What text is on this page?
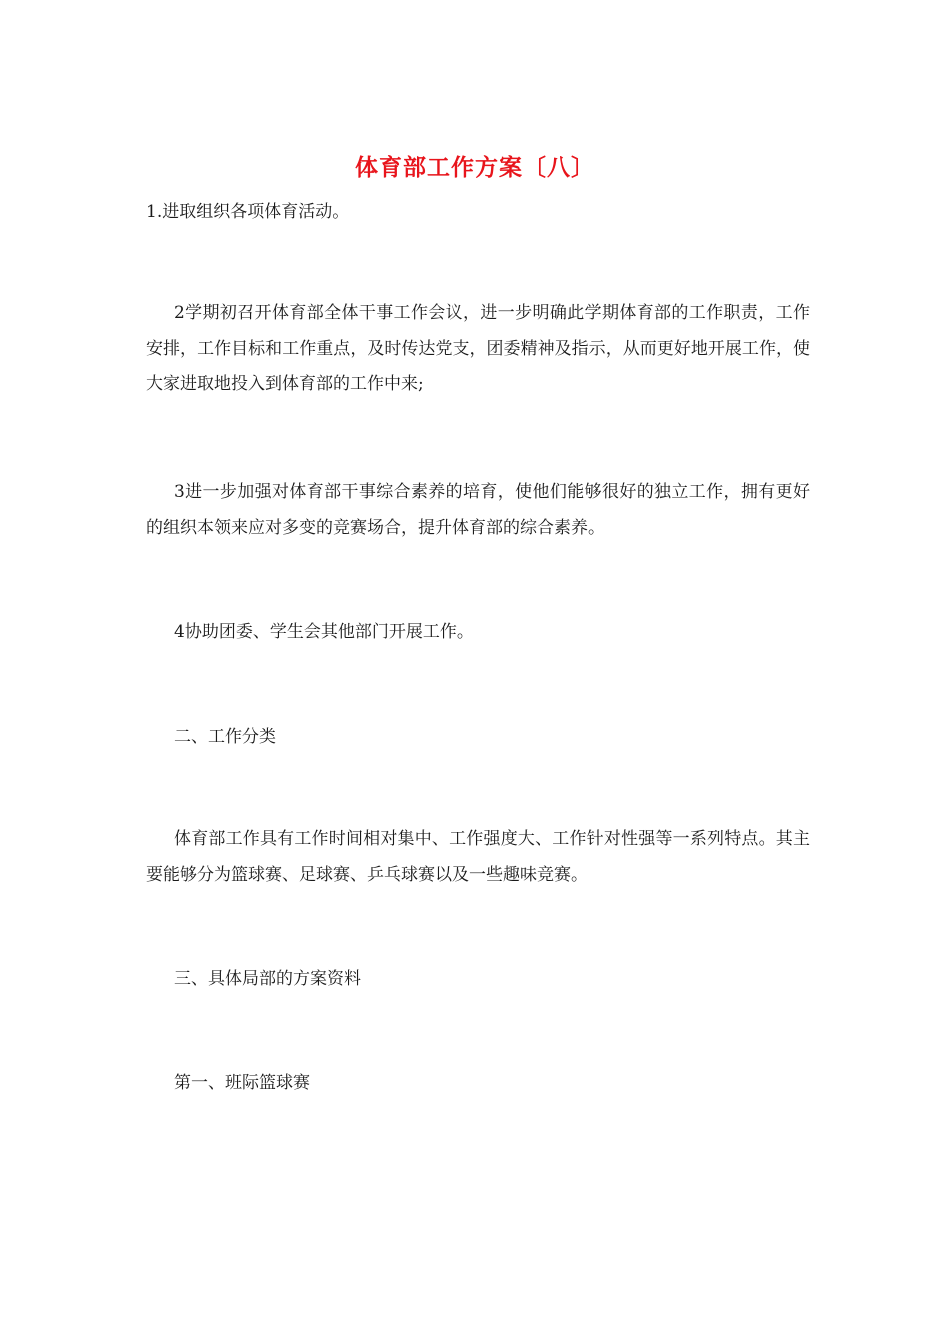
体育部工作方案〔八〕

1.进取组织各项体育活动。

2学期初召开体育部全体干事工作会议，进一步明确此学期体育部的工作职责，工作安排，工作目标和工作重点，及时传达党支，团委精神及指示，从而更好地开展工作，使大家进取地投入到体育部的工作中来;

3进一步加强对体育部干事综合素养的培育，使他们能够很好的独立工作，拥有更好的组织本领来应对多变的竞赛场合，提升体育部的综合素养。

4协助团委、学生会其他部门开展工作。

二、工作分类

体育部工作具有工作时间相对集中、工作强度大、工作针对性强等一系列特点。其主要能够分为篮球赛、足球赛、乒乓球赛以及一些趣味竞赛。

三、具体局部的方案资料

第一、班际篮球赛
